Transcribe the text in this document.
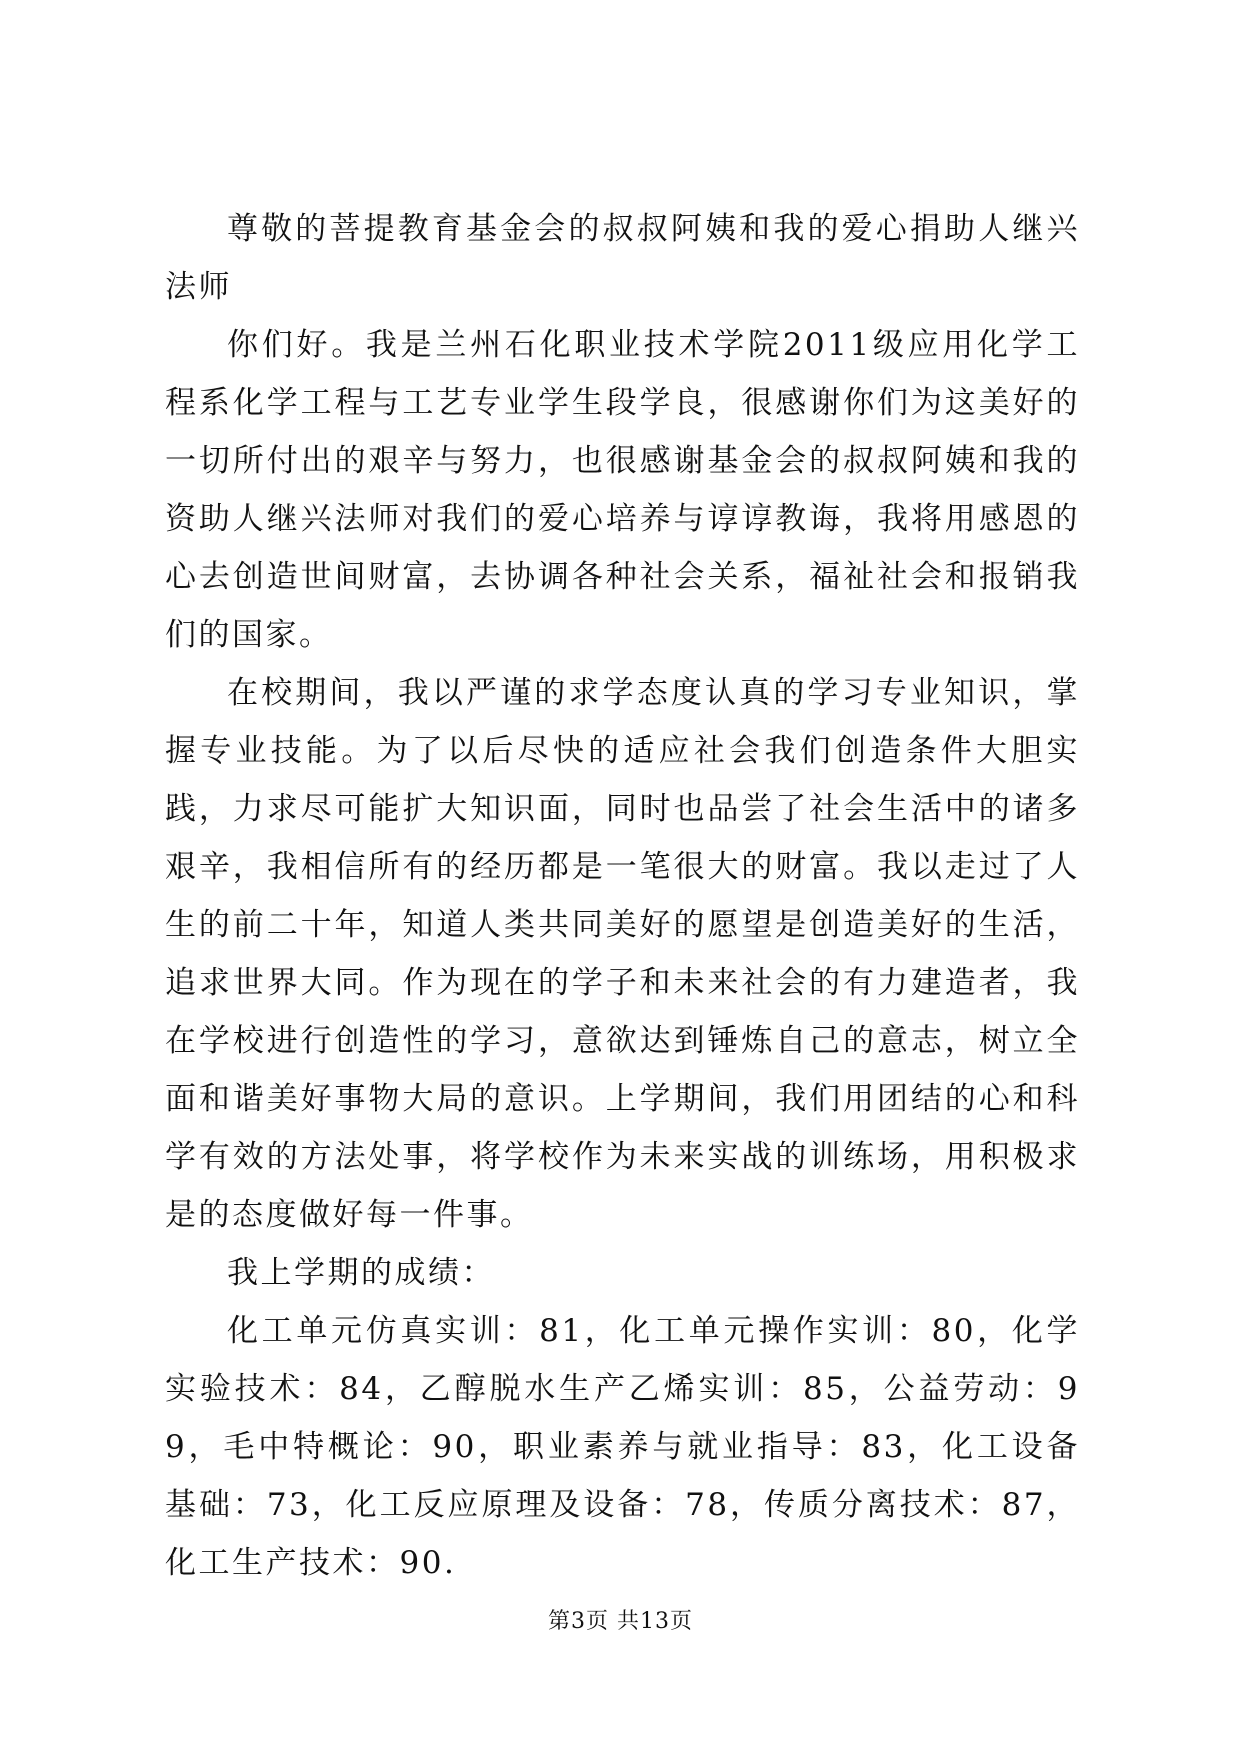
尊敬的菩提教育基金会的叔叔阿姨和我的爱心捐助人继兴法师

你们好。我是兰州石化职业技术学院2011级应用化学工程系化学工程与工艺专业学生段学良，很感谢你们为这美好的一切所付出的艰辛与努力，也很感谢基金会的叔叔阿姨和我的资助人继兴法师对我们的爱心培养与谆谆教诲，我将用感恩的心去创造世间财富，去协调各种社会关系，福祉社会和报销我们的国家。

在校期间，我以严谨的求学态度认真的学习专业知识，掌握专业技能。为了以后尽快的适应社会我们创造条件大胆实践，力求尽可能扩大知识面，同时也品尝了社会生活中的诸多艰辛，我相信所有的经历都是一笔很大的财富。我以走过了人生的前二十年，知道人类共同美好的愿望是创造美好的生活，追求世界大同。作为现在的学子和未来社会的有力建造者，我在学校进行创造性的学习，意欲达到锤炼自己的意志，树立全面和谐美好事物大局的意识。上学期间，我们用团结的心和科学有效的方法处事，将学校作为未来实战的训练场，用积极求是的态度做好每一件事。

我上学期的成绩：

化工单元仿真实训：81，化工单元操作实训：80，化学实验技术：84，乙醇脱水生产乙烯实训：85，公益劳动：99，毛中特概论：90，职业素养与就业指导：83，化工设备基础：73，化工反应原理及设备：78，传质分离技术：87，化工生产技术：90.

第3页 共13页
